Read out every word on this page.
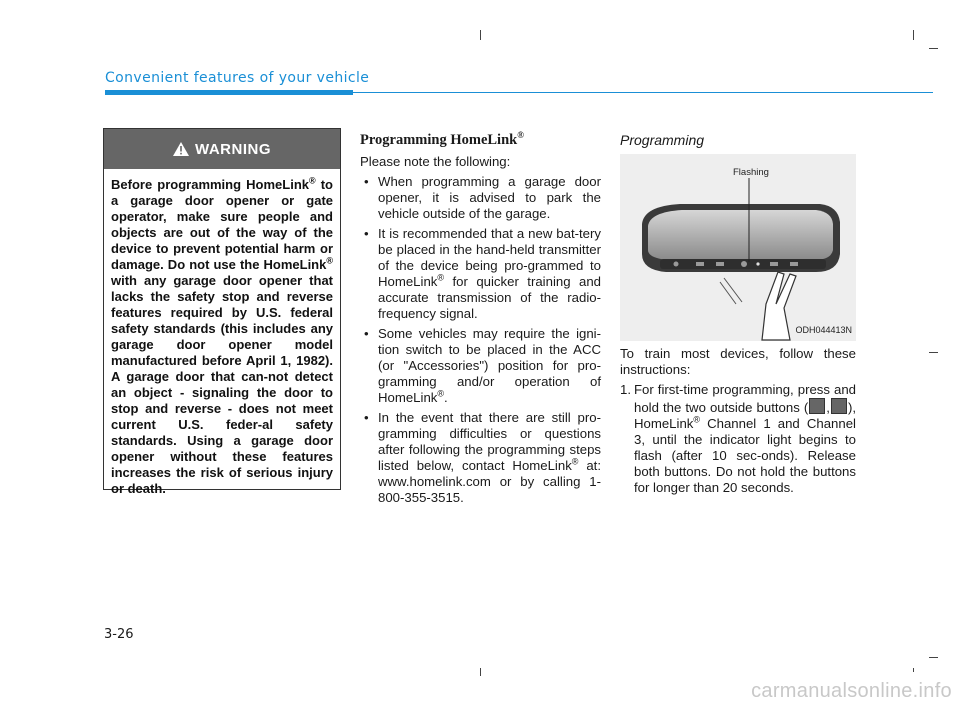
Convenient features of your vehicle
WARNING
Before programming HomeLink® to a garage door opener or gate operator, make sure people and objects are out of the way of the device to prevent potential harm or damage. Do not use the HomeLink® with any garage door opener that lacks the safety stop and reverse features required by U.S. federal safety standards (this includes any garage door opener model manufactured before April 1, 1982). A garage door that can-not detect an object - signaling the door to stop and reverse - does not meet current U.S. feder-al safety standards. Using a garage door opener without these features increases the risk of serious injury or death.
Programming HomeLink®

Please note the following:

• When programming a garage door opener, it is advised to park the vehicle outside of the garage.
• It is recommended that a new bat-tery be placed in the hand-held transmitter of the device being pro-grammed to HomeLink® for quicker training and accurate transmission of the radio-frequency signal.
• Some vehicles may require the igni-tion switch to be placed in the ACC (or "Accessories") position for pro-gramming and/or operation of HomeLink®.
• In the event that there are still pro-gramming difficulties or questions after following the programming steps listed below, contact HomeLink® at: www.homelink.com or by calling 1-800-355-3515.
Programming
Flashing
ODH044413N

To train most devices, follow these instructions:

1. For first-time programming, press and hold the two outside buttons ( , ), HomeLink® Channel 1 and Channel 3, until the indicator light begins to flash (after 10 sec-onds). Release both buttons. Do not hold the buttons for longer than 20 seconds.
3-26
carmanualsonline.info
